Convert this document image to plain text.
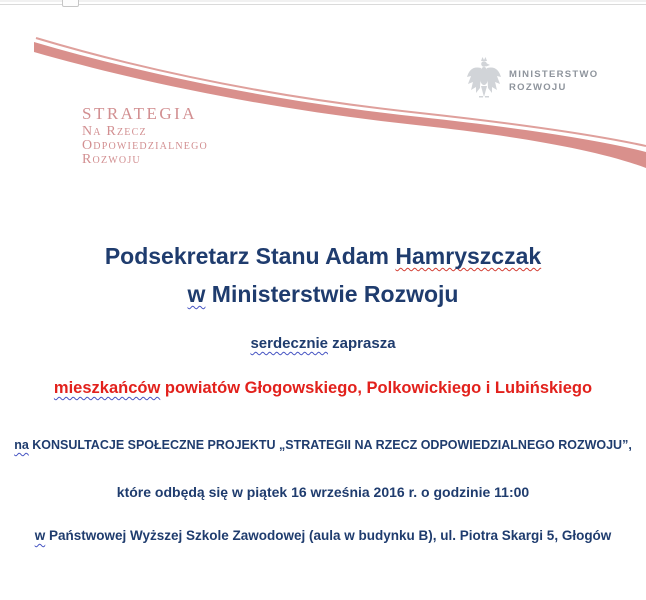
STRATEGIA
Na Rzecz
Odpowiedzialnego
Rozwoju
MINISTERSTWO
ROZWOJU
Podsekretarz Stanu Adam Hamryszczak
w Ministerstwie Rozwoju
serdecznie zaprasza
mieszkańców powiatów Głogowskiego, Polkowickiego i Lubińskiego
na KONSULTACJE SPOŁECZNE PROJEKTU „STRATEGII NA RZECZ ODPOWIEDZIALNEGO ROZWOJU”,
które odbędą się w piątek 16 września 2016 r. o godzinie 11:00
w Państwowej Wyższej Szkole Zawodowej (aula w budynku B), ul. Piotra Skargi 5, Głogów
